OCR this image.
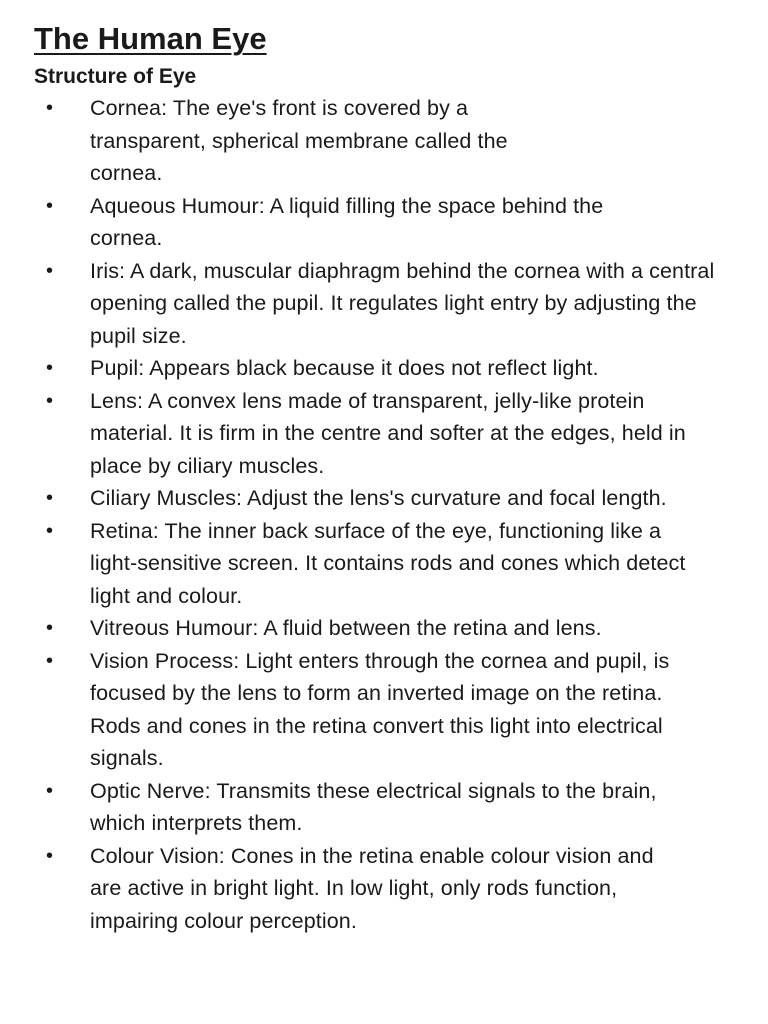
The Human Eye
Structure of Eye
• Cornea: The eye's front is covered by a transparent, spherical membrane called the cornea.
• Aqueous Humour: A liquid filling the space behind the cornea.
• Iris: A dark, muscular diaphragm behind the cornea with a central opening called the pupil. It regulates light entry by adjusting the pupil size.
• Pupil: Appears black because it does not reflect light.
• Lens: A convex lens made of transparent, jelly-like protein material. It is firm in the centre and softer at the edges, held in place by ciliary muscles.
• Ciliary Muscles: Adjust the lens's curvature and focal length.
• Retina: The inner back surface of the eye, functioning like a light-sensitive screen. It contains rods and cones which detect light and colour.
• Vitreous Humour: A fluid between the retina and lens.
• Vision Process: Light enters through the cornea and pupil, is focused by the lens to form an inverted image on the retina. Rods and cones in the retina convert this light into electrical signals.
• Optic Nerve: Transmits these electrical signals to the brain, which interprets them.
• Colour Vision: Cones in the retina enable colour vision and are active in bright light. In low light, only rods function, impairing colour perception.
